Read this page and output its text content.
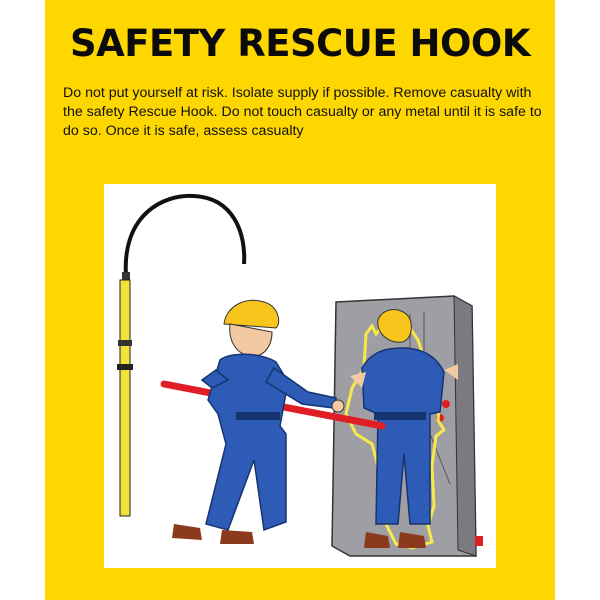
SAFETY RESCUE HOOK

Do not put yourself at risk. Isolate supply if possible. Remove casualty with the safety Rescue Hook. Do not touch casualty or any metal until it is safe to do so. Once it is safe, assess casualty
